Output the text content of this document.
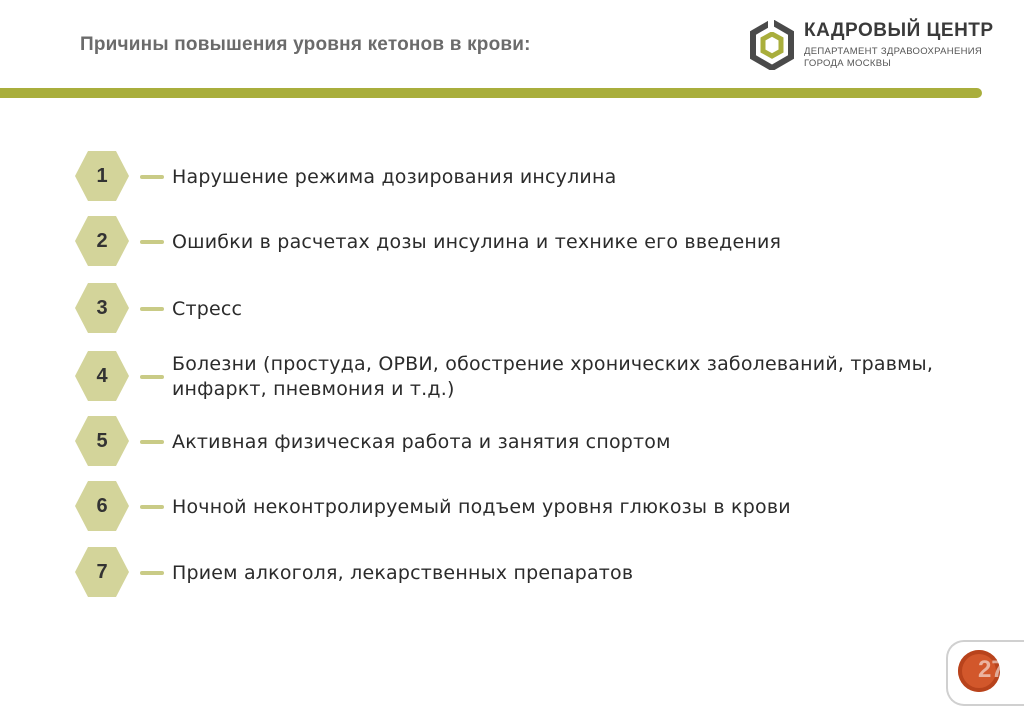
Причины повышения уровня кетонов в крови:
КАДРОВЫЙ ЦЕНТР
ДЕПАРТАМЕНТ ЗДРАВООХРАНЕНИЯ
ГОРОДА МОСКВЫ
1	Нарушение режима дозирования инсулина
2	Ошибки в расчетах дозы инсулина и технике его введения
3	Стресс
4
Болезни (простуда, ОРВИ, обострение хронических заболеваний, травмы, инфаркт, пневмония и т.д.)
5	Активная физическая работа и занятия спортом
6	Ночной неконтролируемый подъем уровня глюкозы в крови
7	Прием алкоголя, лекарственных препаратов
27
